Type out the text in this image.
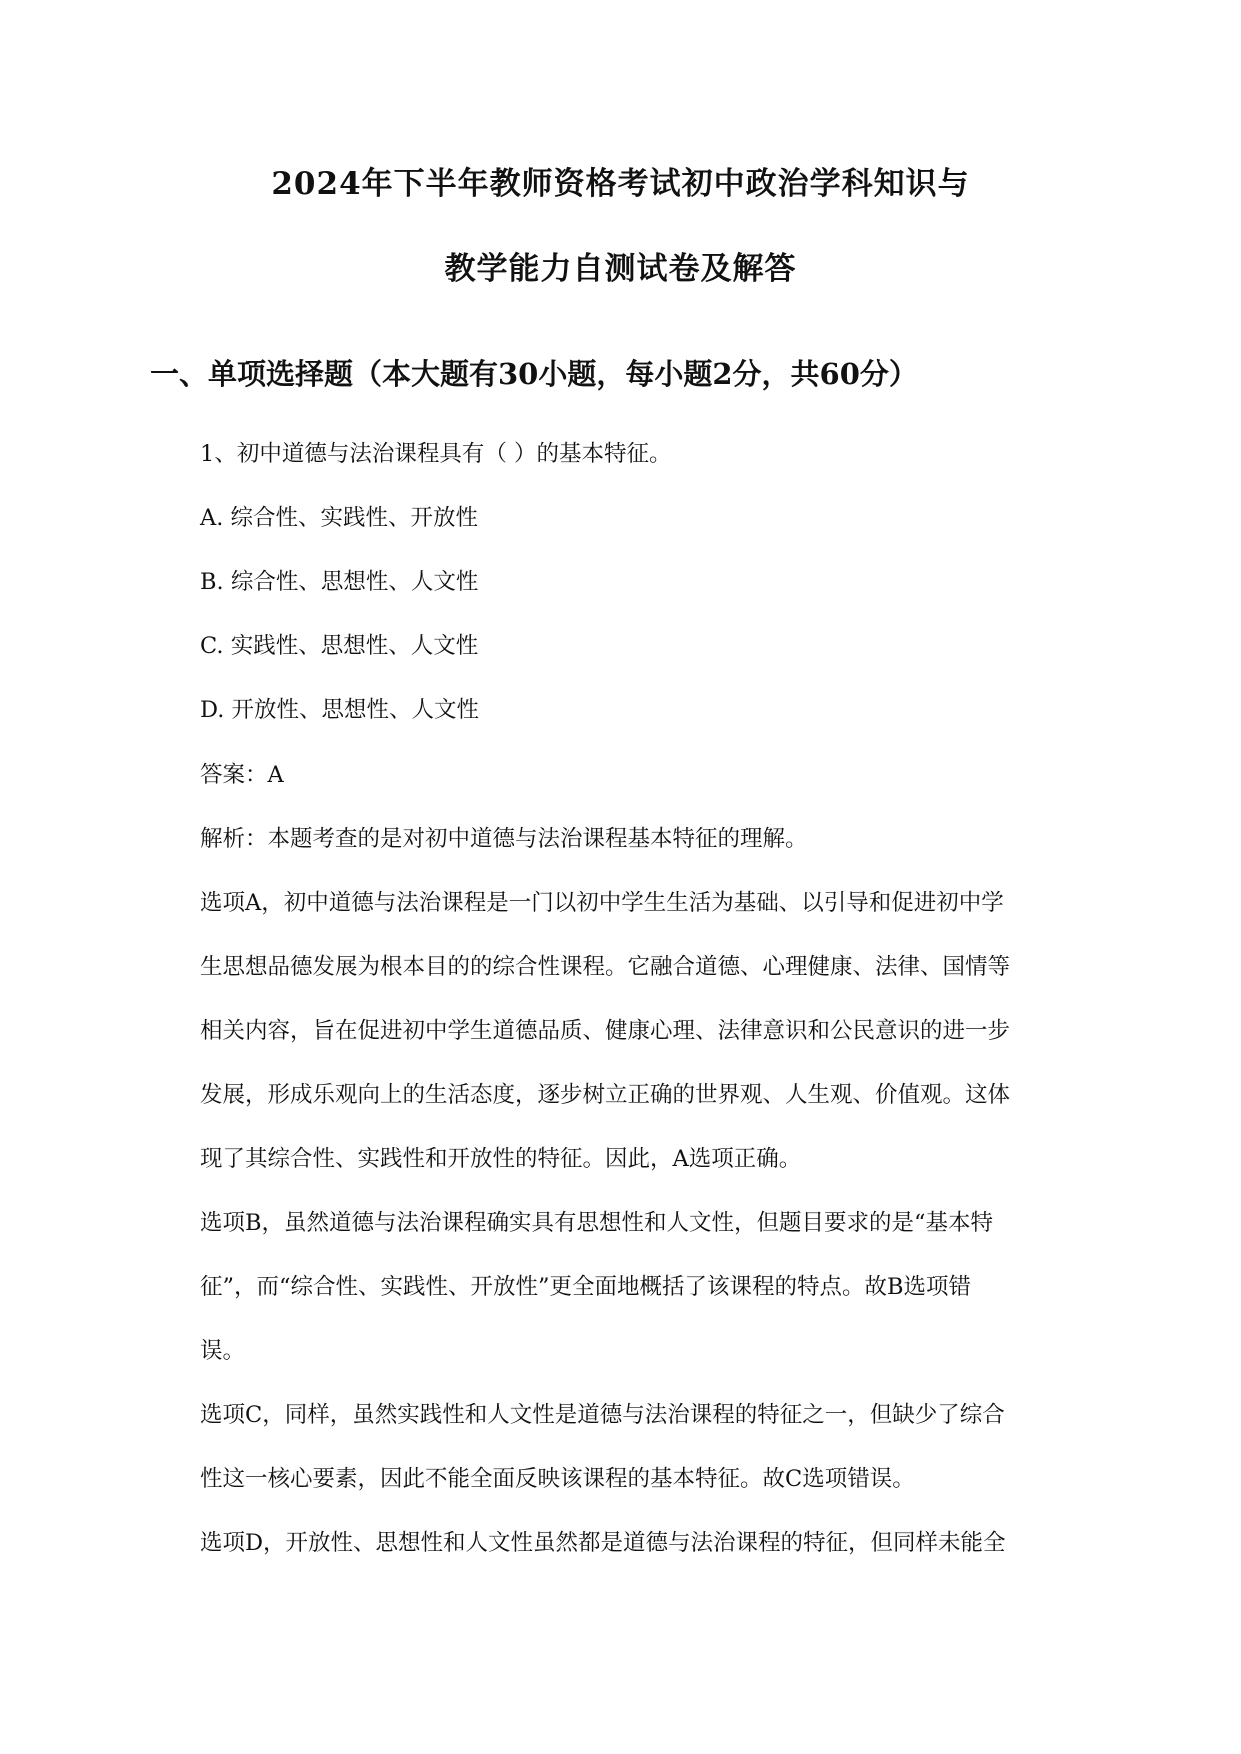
2024年下半年教师资格考试初中政治学科知识与
教学能力自测试卷及解答
一、单项选择题（本大题有30小题，每小题2分，共60分）
1、初中道德与法治课程具有（ ）的基本特征。
A. 综合性、实践性、开放性
B. 综合性、思想性、人文性
C. 实践性、思想性、人文性
D. 开放性、思想性、人文性
答案：A
解析：本题考查的是对初中道德与法治课程基本特征的理解。
选项A，初中道德与法治课程是一门以初中学生生活为基础、以引导和促进初中学
生思想品德发展为根本目的的综合性课程。它融合道德、心理健康、法律、国情等
相关内容，旨在促进初中学生道德品质、健康心理、法律意识和公民意识的进一步
发展，形成乐观向上的生活态度，逐步树立正确的世界观、人生观、价值观。这体
现了其综合性、实践性和开放性的特征。因此，A选项正确。
选项B，虽然道德与法治课程确实具有思想性和人文性，但题目要求的是“基本特
征”，而“综合性、实践性、开放性”更全面地概括了该课程的特点。故B选项错
误。
选项C，同样，虽然实践性和人文性是道德与法治课程的特征之一，但缺少了综合
性这一核心要素，因此不能全面反映该课程的基本特征。故C选项错误。
选项D，开放性、思想性和人文性虽然都是道德与法治课程的特征，但同样未能全
